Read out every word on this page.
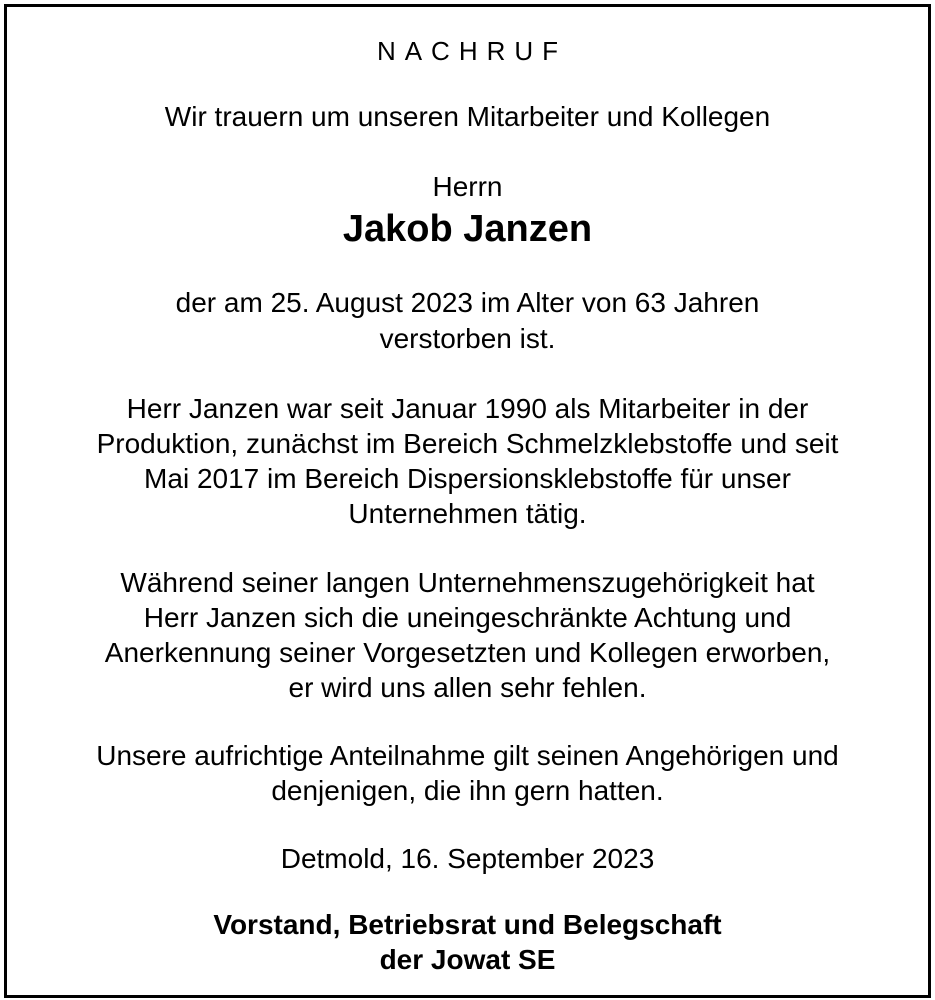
NACHRUF

Wir trauern um unseren Mitarbeiter und Kollegen

Herrn

Jakob Janzen

der am 25. August 2023 im Alter von 63 Jahren

verstorben ist.

Herr Janzen war seit Januar 1990 als Mitarbeiter in der

Produktion, zunächst im Bereich Schmelzklebstoffe und seit

Mai 2017 im Bereich Dispersionsklebstoffe für unser

Unternehmen tätig.

Während seiner langen Unternehmenszugehörigkeit hat

Herr Janzen sich die uneingeschränkte Achtung und

Anerkennung seiner Vorgesetzten und Kollegen erworben,

er wird uns allen sehr fehlen.

Unsere aufrichtige Anteilnahme gilt seinen Angehörigen und

denjenigen, die ihn gern hatten.

Detmold, 16. September 2023

Vorstand, Betriebsrat und Belegschaft

der Jowat SE
